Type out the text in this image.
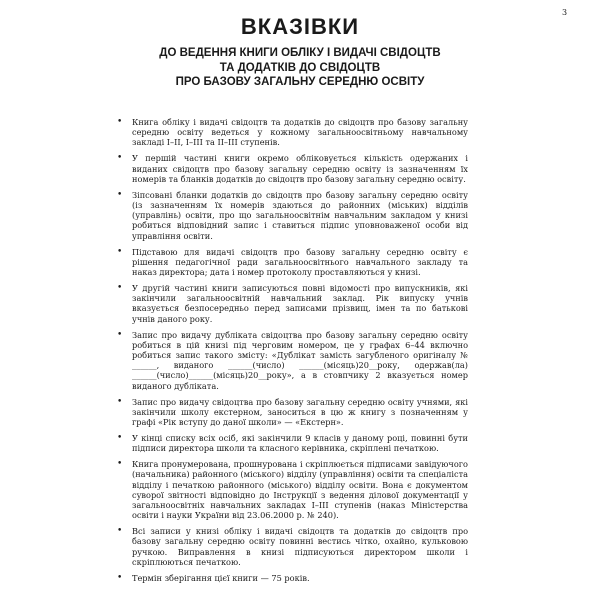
3
ВКАЗІВКИ
ДО ВЕДЕННЯ КНИГИ ОБЛІКУ І ВИДАЧІ СВІДОЦТВ
ТА ДОДАТКІВ ДО СВІДОЦТВ
ПРО БАЗОВУ ЗАГАЛЬНУ СЕРЕДНЮ ОСВІТУ
• Книга обліку і видачі свідоцтв та додатків до свідоцтв про базову загальну середню освіту ведеться у кожному загальноосвітньому навчальному закладі I–II, I–III та II–III ступенів.
• У першій частині книги окремо обліковується кількість одержаних і виданих свідоцтв про базову загальну середню освіту із зазначенням їх номерів та бланків додатків до свідоцтв про базову загальну середню освіту.
• Зіпсовані бланки додатків до свідоцтв про базову загальну середню освіту (із зазначенням їх номерів здаються до районних (міських) відділів (управлінь) освіти, про що загальноосвітнім навчальним закладом у книзі робиться відповідний запис і ставиться підпис уповноваженої особи від управління освіти.
• Підставою для видачі свідоцтв про базову загальну середню освіту є рішення педагогічної ради загальноосвітнього навчального закладу та наказ директора; дата і номер протоколу проставляються у книзі.
• У другій частині книги записуються повні відомості про випускників, які закінчили загальноосвітній навчальний заклад. Рік випуску учнів вказується безпосередньо перед записами прізвищ, імен та по батькові учнів даного року.
• Запис про видачу дубліката свідоцтва про базову загальну середню освіту робиться в цій книзі під черговим номером, це у графах 6–44 включно робиться запис такого змісту: «Дублікат замість загубленого оригіналу № ______, виданого ______(число) ______(місяць)20__року, одержав(ла) ______(число)______(місяць)20__року», а в стовпчику 2 вказується номер виданого дубліката.
• Запис про видачу свідоцтва про базову загальну середню освіту учнями, які закінчили школу екстерном, заноситься в цю ж книгу з позначенням у графі «Рік вступу до даної школи» — «Екстерн».
• У кінці списку всіх осіб, які закінчили 9 класів у даному році, повинні бути підписи директора школи та класного керівника, скріплені печаткою.
• Книга пронумерована, прошнурована і скріплюється підписами завідуючого (начальника) районного (міського) відділу (управління) освіти та спеціаліста відділу і печаткою районного (міського) відділу освіти. Вона є документом суворої звітності відповідно до Інструкції з ведення ділової документації у загальноосвітніх навчальних закладах I–III ступенів (наказ Міністерства освіти і науки України від 23.06.2000 р. № 240).
• Всі записи у книзі обліку і видачі свідоцтв та додатків до свідоцтв про базову загальну середню освіту повинні вестись чітко, охайно, кульковою ручкою. Виправлення в книзі підписуються директором школи і скріплюються печаткою.
• Термін зберігання цієї книги — 75 років.
